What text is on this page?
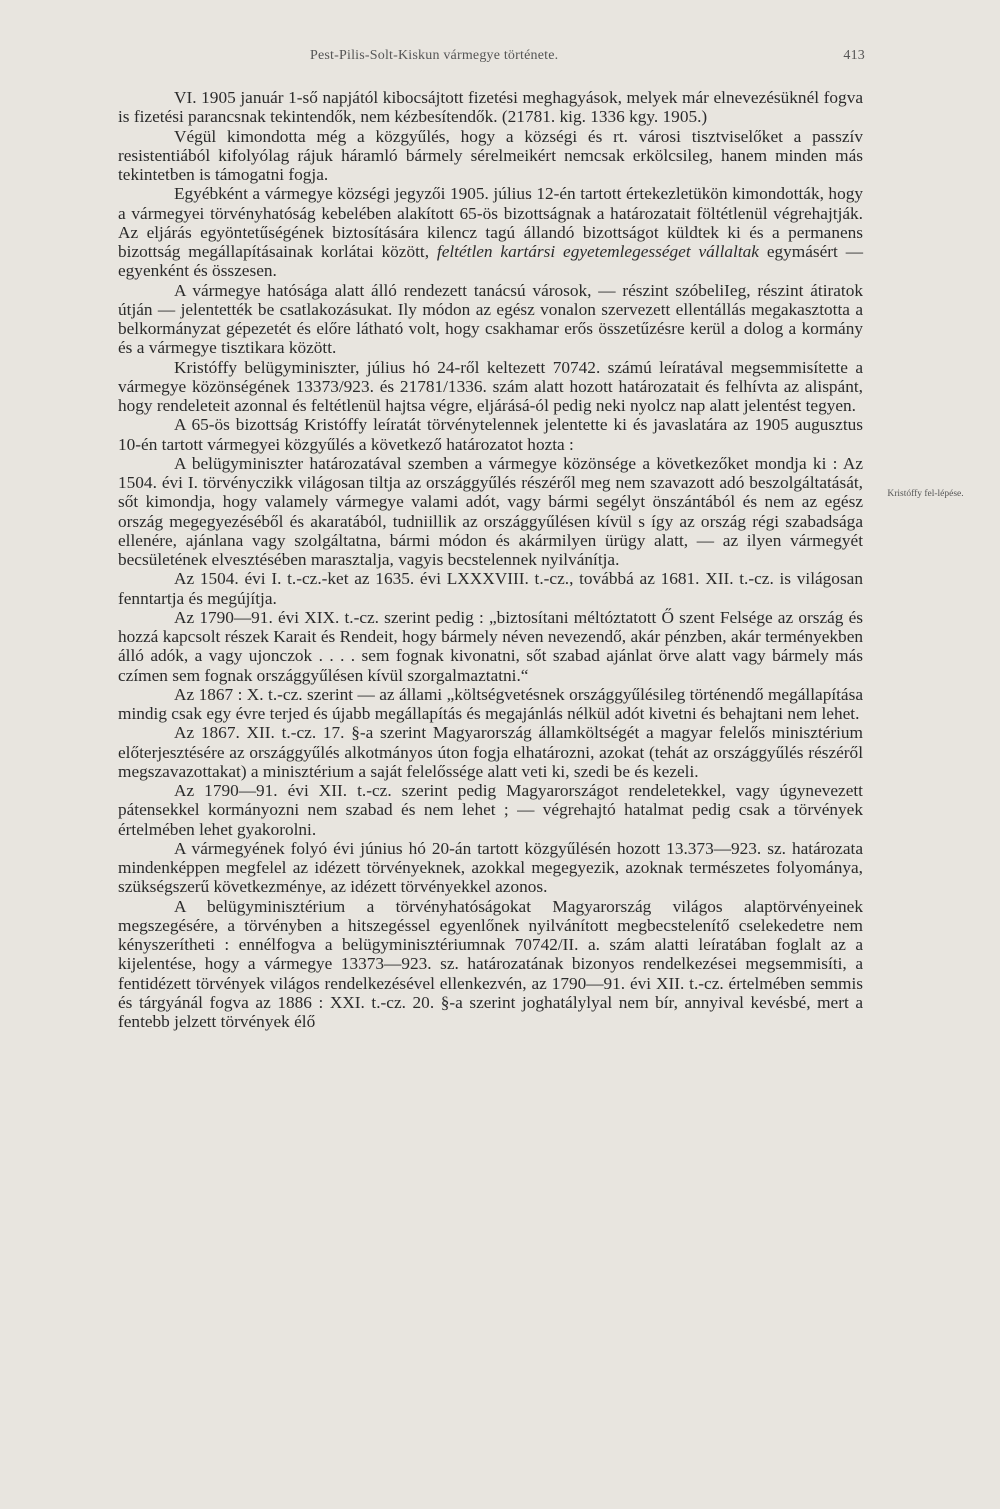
Pest-Pilis-Solt-Kiskun vármegye története.	413

VI. 1905 január 1-ső napjától kibocsájtott fizetési meghagyások, melyek már elnevezésüknél fogva is fizetési parancsnak tekintendők, nem kézbesítendők. (21781. kig. 1336 kgy. 1905.)

Végül kimondotta még a közgyűlés, hogy a községi és rt. városi tisztviselőket a passzív resistentiából kifolyólag rájuk háramló bármely sérelmeikért nemcsak erkölcsileg, hanem minden más tekintetben is támogatni fogja.

Egyébként a vármegye községi jegyzői 1905. július 12-én tartott értekezletükön kimondották, hogy a vármegyei törvényhatóság kebelében alakított 65-ös bizottságnak a határozatait föltétlenül végrehajtják. Az eljárás egyöntetűségének biztosítására kilencz tagú állandó bizottságot küldtek ki és a permanens bizottság megállapításainak korlátai között, feltétlen kartársi egyetemlegességet vállaltak egymásért — egyenként és összesen.

A vármegye hatósága alatt álló rendezett tanácsú városok, — részint szóbeliIeg, részint átiratok útján — jelentették be csatlakozásukat. Ily módon az egész vonalon szervezett ellentállás megakasztotta a belkormányzat gépezetét és előre látható volt, hogy csakhamar erős összetűzésre kerül a dolog a kormány és a vármegye tisztikara között.

Kristóffy belügyminiszter, július hó 24-ről keltezett 70742. számú leíratával megsemmisítette a vármegye közönségének 13373/923. és 21781/1336. szám alatt hozott határozatait és felhívta az alispánt, hogy rendeleteit azonnal és feltétlenül hajtsa végre, eljárásá-ól pedig neki nyolcz nap alatt jelentést tegyen.

A 65-ös bizottság Kristóffy leíratát törvénytelennek jelentette ki és javaslatára az 1905 augusztus 10-én tartott vármegyei közgyűlés a következő határozatot hozta :

A belügyminiszter határozatával szemben a vármegye közönsége a következőket mondja ki : Az 1504. évi I. törvényczikk világosan tiltja az országgyűlés részéről meg nem szavazott adó beszolgáltatását, sőt kimondja, hogy valamely vármegye valami adót, vagy bármi segélyt önszántából és nem az egész ország megegyezéséből és akaratából, tudniillik az országgyűlésen kívül s így az ország régi szabadsága ellenére, ajánlana vagy szolgáltatna, bármi módon és akármilyen ürügy alatt, — az ilyen vármegyét becsületének elvesztésében marasztalja, vagyis becstelennek nyilvánítja.

Az 1504. évi I. t.-cz.-ket az 1635. évi LXXXVIII. t.-cz., továbbá az 1681. XII. t.-cz. is világosan fenntartja és megújítja.

Az 1790—91. évi XIX. t.-cz. szerint pedig : „biztosítani méltóztatott Ő szent Felsége az ország és hozzá kapcsolt részek Karait és Rendeit, hogy bármely néven nevezendő, akár pénzben, akár terményekben álló adók, a vagy ujonczok . . . . sem fognak kivonatni, sőt szabad ajánlat örve alatt vagy bármely más czímen sem fognak országgyűlésen kívül szorgalmaztatni.“

Az 1867 : X. t.-cz. szerint — az állami „költségvetésnek országgyűlésileg történendő megállapítása mindig csak egy évre terjed és újabb megállapítás és megajánlás nélkül adót kivetni és behajtani nem lehet.

Az 1867. XII. t.-cz. 17. §-a szerint Magyarország államköltségét a magyar felelős minisztérium előterjesztésére az országgyűlés alkotmányos úton fogja elhatározni, azokat (tehát az országgyűlés részéről megszavazottakat) a minisztérium a saját felelőssége alatt veti ki, szedi be és kezeli.

Az 1790—91. évi XII. t.-cz. szerint pedig Magyarországot rendeletekkel, vagy úgynevezett pátensekkel kormányozni nem szabad és nem lehet ; — végrehajtó hatalmat pedig csak a törvények értelmében lehet gyakorolni.

A vármegyének folyó évi június hó 20-án tartott közgyűlésén hozott 13.373—923. sz. határozata mindenképpen megfelel az idézett törvényeknek, azokkal megegyezik, azoknak természetes folyománya, szükségszerű következménye, az idézett törvényekkel azonos.

A belügyminisztérium a törvényhatóságokat Magyarország világos alaptörvényeinek megszegésére, a törvényben a hitszegéssel egyenlőnek nyilvánított megbecstelenítő cselekedetre nem kényszerítheti : ennélfogva a belügyminisztériumnak 70742/II. a. szám alatti leíratában foglalt az a kijelentése, hogy a vármegye 13373—923. sz. határozatának bizonyos rendelkezései megsemmisíti, a fentidézett törvények világos rendelkezésével ellenkezvén, az 1790—91. évi XII. t.-cz. értelmében semmis és tárgyánál fogva az 1886 : XXI. t.-cz. 20. §-a szerint joghatálylyal nem bír, annyival kevésbé, mert a fentebb jelzett törvények élő

Kristóffy fel-lépése.
